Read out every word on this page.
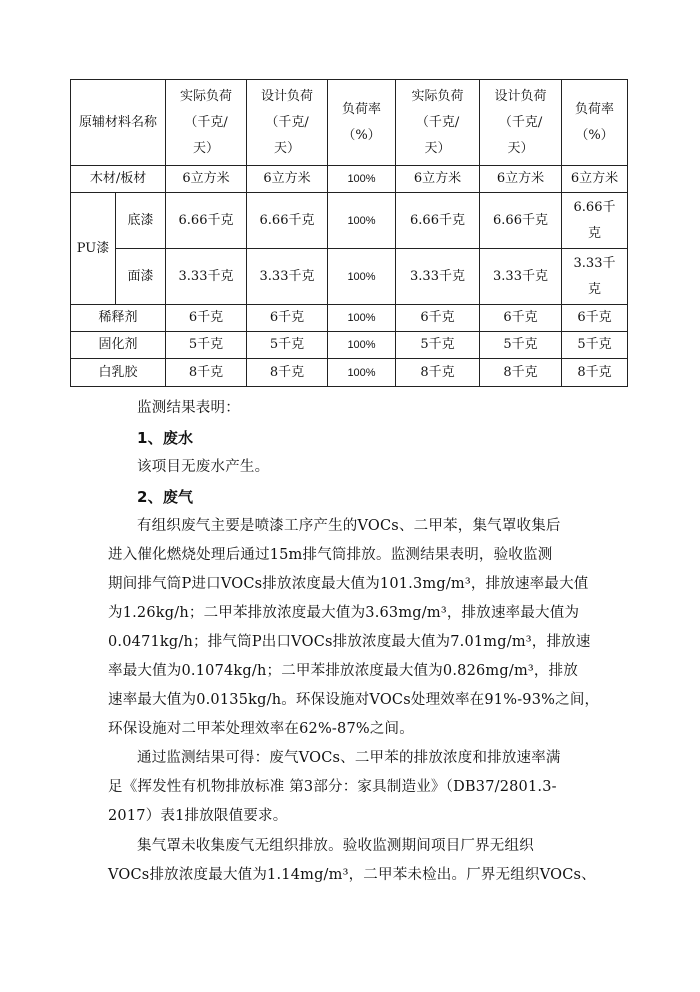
原辅材料名称		实际负荷
（千克/
天）	设计负荷
（千克/
天）	负荷率
（%）	实际负荷
（千克/
天）	设计负荷
（千克/
天）	负荷率
（%）

木材/板材		6立方米	6立方米	100%	6立方米	6立方米	6立方米
PU漆	底漆	6.66千克	6.66千克	100%	6.66千克	6.66千克	6.66千
克

	面漆	3.33千克	3.33千克	100%	3.33千克	3.33千克	3.33千
克

稀释剂		6千克	6千克	100%	6千克	6千克	6千克
固化剂		5千克	5千克	100%	5千克	5千克	5千克
白乳胶		8千克	8千克	100%	8千克	8千克	8千克

监测结果表明：

1、废水

该项目无废水产生。

2、废气

有组织废气主要是喷漆工序产生的VOCs、二甲苯，集气罩收集后
进入催化燃烧处理后通过15m排气筒排放。监测结果表明，验收监测
期间排气筒P进口VOCs排放浓度最大值为101.3mg/m³，排放速率最大值
为1.26kg/h；二甲苯排放浓度最大值为3.63mg/m³，排放速率最大值为
0.0471kg/h；排气筒P出口VOCs排放浓度最大值为7.01mg/m³，排放速
率最大值为0.1074kg/h；二甲苯排放浓度最大值为0.826mg/m³，排放
速率最大值为0.0135kg/h。环保设施对VOCs处理效率在91%-93%之间，
环保设施对二甲苯处理效率在62%-87%之间。
通过监测结果可得：废气VOCs、二甲苯的排放浓度和排放速率满
足《挥发性有机物排放标准 第3部分：家具制造业》（DB37/2801.3-
2017）表1排放限值要求。
集气罩未收集废气无组织排放。验收监测期间项目厂界无组织
VOCs排放浓度最大值为1.14mg/m³，二甲苯未检出。厂界无组织VOCs、
